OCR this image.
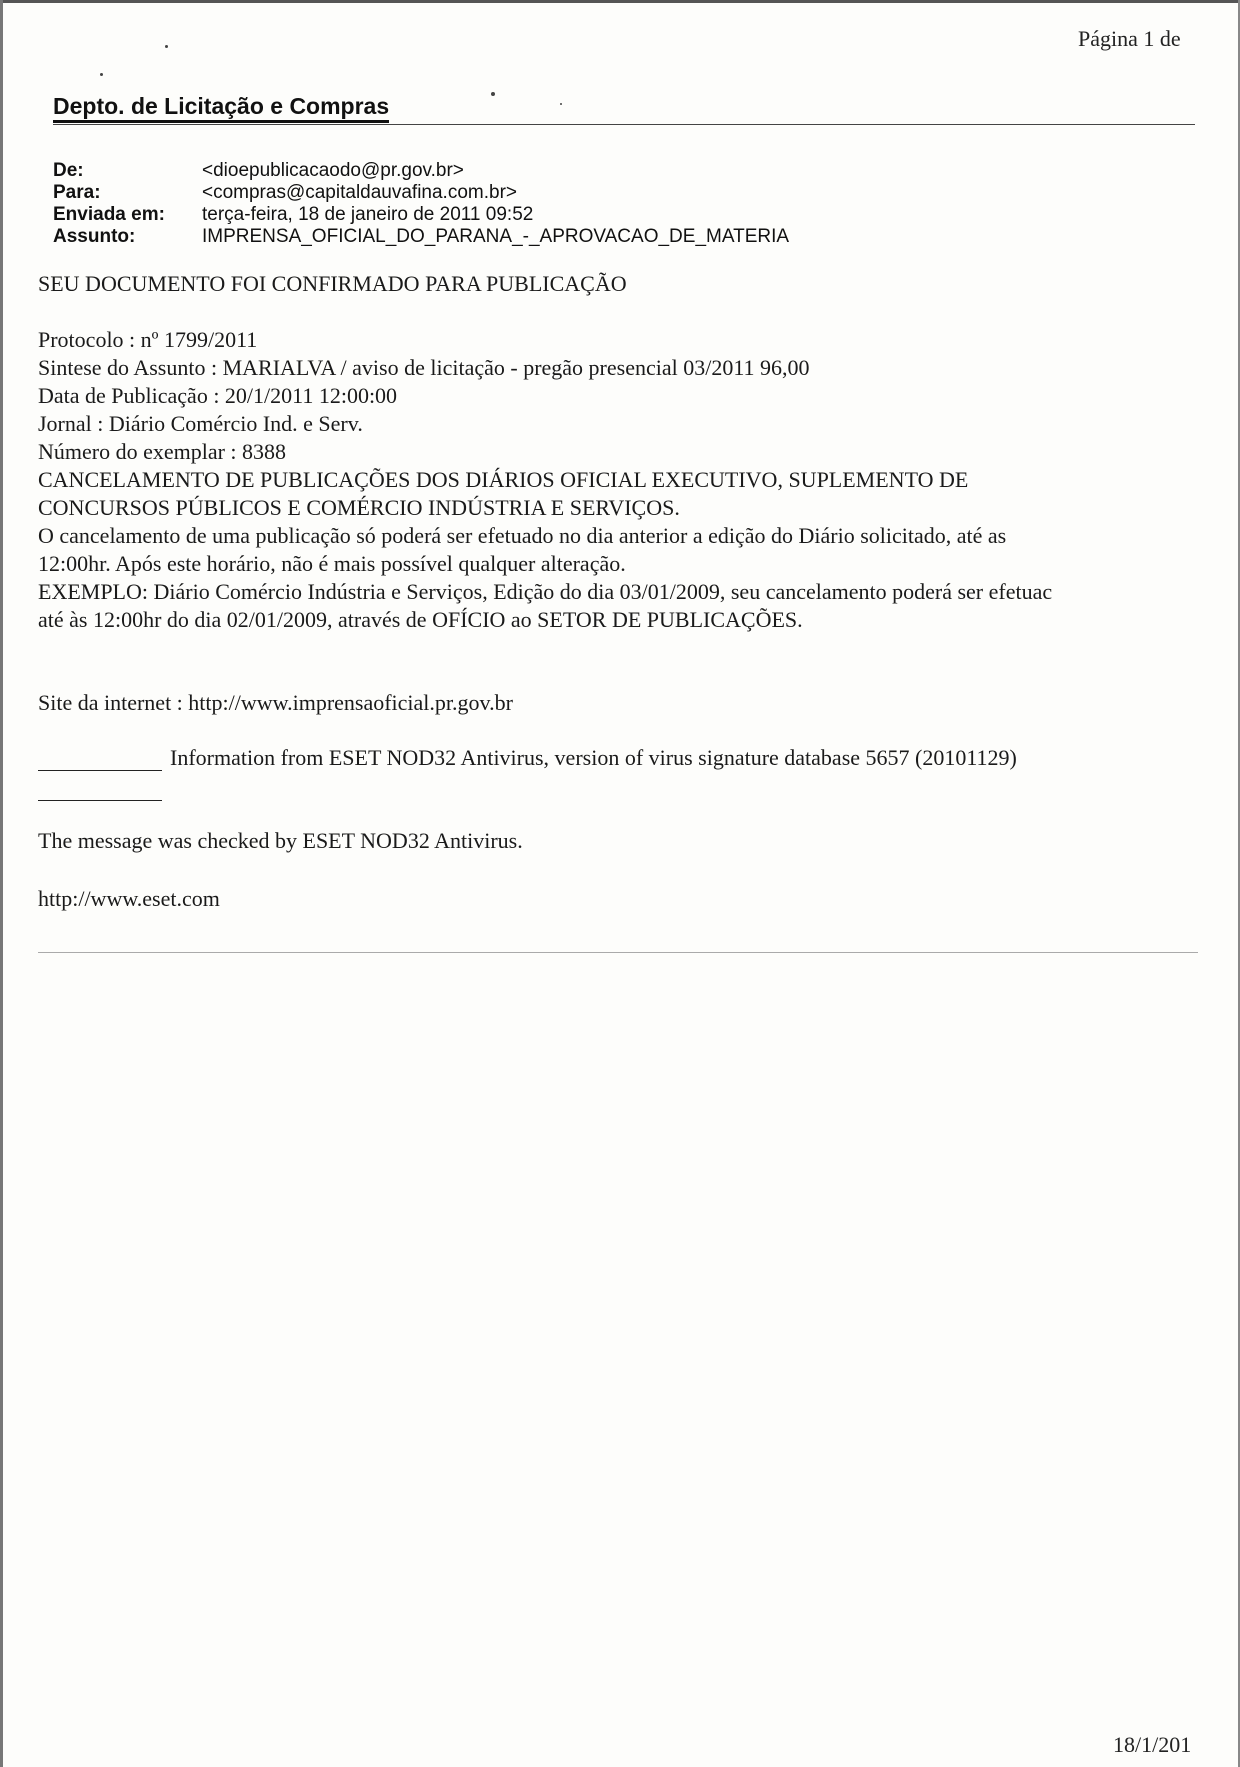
Página 1 de
Depto. de Licitação e Compras
De:	<dioepublicacaodo@pr.gov.br>
Para:	<compras@capitaldauvafina.com.br>
Enviada em:	terça-feira, 18 de janeiro de 2011 09:52
Assunto:	IMPRENSA_OFICIAL_DO_PARANA_-_APROVACAO_DE_MATERIA
SEU DOCUMENTO FOI CONFIRMADO PARA PUBLICAÇÃO
Protocolo : nº 1799/2011
Sintese do Assunto : MARIALVA / aviso de licitação - pregão presencial 03/2011 96,00
Data de Publicação : 20/1/2011 12:00:00
Jornal : Diário Comércio Ind. e Serv.
Número do exemplar : 8388
CANCELAMENTO DE PUBLICAÇÕES DOS DIÁRIOS OFICIAL EXECUTIVO, SUPLEMENTO DE
CONCURSOS PÚBLICOS E COMÉRCIO INDÚSTRIA E SERVIÇOS.
O cancelamento de uma publicação só poderá ser efetuado no dia anterior a edição do Diário solicitado, até as
12:00hr. Após este horário, não é mais possível qualquer alteração.
EXEMPLO: Diário Comércio Indústria e Serviços, Edição do dia 03/01/2009, seu cancelamento poderá ser efetuac
até às 12:00hr do dia 02/01/2009, através de OFÍCIO ao SETOR DE PUBLICAÇÕES.
Site da internet : http://www.imprensaoficial.pr.gov.br
Information from ESET NOD32 Antivirus, version of virus signature database 5657 (20101129)
The message was checked by ESET NOD32 Antivirus.
http://www.eset.com
18/1/201
